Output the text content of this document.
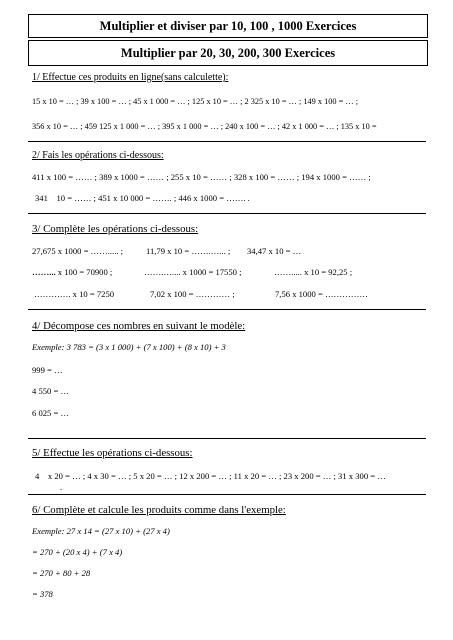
Multiplier et diviser par 10, 100 , 1000 Exercices
Multiplier par 20, 30, 200, 300 Exercices
1/ Effectue ces produits en ligne(sans calculette):
15 x 10 = … ; 39 x 100 = … ; 45 x 1 000 = … ; 125 x 10 = … ; 2 325 x 10 = … ; 149 x 100 = … ;
356 x 10 = … ; 459 125 x 1 000 = … ; 395 x 1 000 = … ; 240 x 100 = … ; 42 x 1 000 = … ; 135 x 10 =
2/ Fais les opérations ci-dessous:
411 x 100 = …… ; 389 x 1000 = …… ; 255 x 10 = …… ; 328 x 100 = …… ; 194 x 1000 = …… ;
341    10 = …… ; 451 x 10 000 = ……. ; 446 x 1000 = ……. .
3/ Complète les opérations ci-dessous:
27,675 x 1000 = ……..... ;	11,79 x 10 = …….…... ; 34,47 x 10 = …
……... x 100 = 70900 ;	…….….... x 1000 = 17550 ;	……..... x 10 = 92,25 ;
…………. x 10 = 7250	7,02 x 100 = ………… ;	7,56 x 1000 = ……………
4/ Décompose ces nombres en suivant le modèle:
Exemple: 3 783 = (3 x 1 000) + (7 x 100) + (8 x 10) + 3
999 = …
4 550 = …
6 025 = …
5/ Effectue les opérations ci-dessous:
4    x 20 = … ; 4 x 30 = … ; 5 x 20 = … ; 12 x 200 = … ; 11 x 20 = … ; 23 x 200 = … ; 31 x 300 = …
.
6/ Complète et calcule les produits comme dans l'exemple:
Exemple: 27 x 14 = (27 x 10) + (27 x 4)
= 270 + (20 x 4) + (7 x 4)
= 270 + 80 + 28
= 378
